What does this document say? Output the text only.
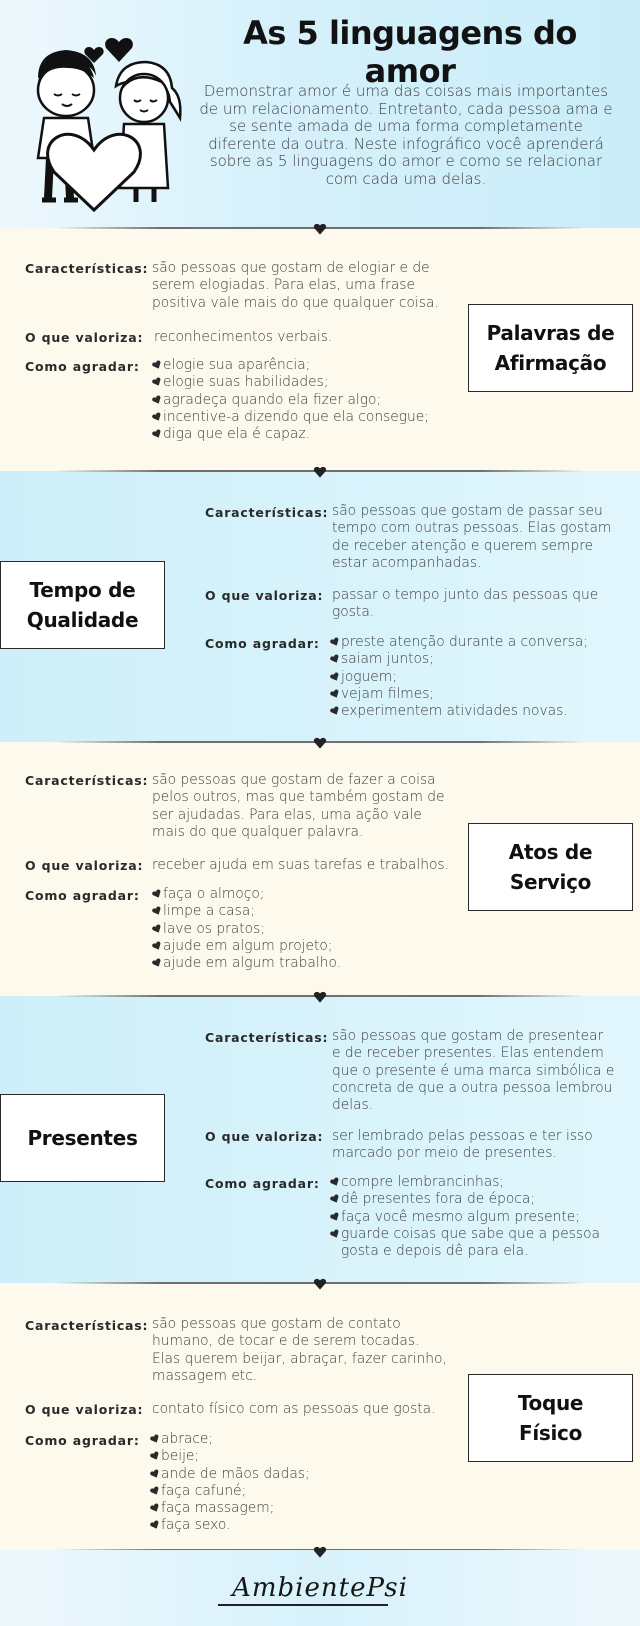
As 5 linguagens do amor
Demonstrar amor é uma das coisas mais importantes de um relacionamento. Entretanto, cada pessoa ama e se sente amada de uma forma completamente diferente da outra. Neste infográfico você aprenderá sobre as 5 linguagens do amor e como se relacionar com cada uma delas.
Características: são pessoas que gostam de elogiar e de serem elogiadas. Para elas, uma frase positiva vale mais do que qualquer coisa.
O que valoriza: reconhecimentos verbais.
Como agradar:	elogie sua aparência;
elogie suas habilidades;
agradeça quando ela fizer algo;
incentive-a dizendo que ela consegue;
diga que ela é capaz.
Palavras de Afirmação
Características: são pessoas que gostam de passar seu tempo com outras pessoas. Elas gostam de receber atenção e querem sempre estar acompanhadas.
O que valoriza: passar o tempo junto das pessoas que gosta.
Como agradar:	preste atenção durante a conversa;
saiam juntos;
joguem;
vejam filmes;
experimentem atividades novas.
Tempo de Qualidade
Características: são pessoas que gostam de fazer a coisa pelos outros, mas que também gostam de ser ajudadas. Para elas, uma ação vale mais do que qualquer palavra.
O que valoriza: receber ajuda em suas tarefas e trabalhos.
Como agradar:	faça o almoço;
limpe a casa;
lave os pratos;
ajude em algum projeto;
ajude em algum trabalho.
Atos de Serviço
Características: são pessoas que gostam de presentear e de receber presentes. Elas entendem que o presente é uma marca simbólica e concreta de que a outra pessoa lembrou delas.
O que valoriza: ser lembrado pelas pessoas e ter isso marcado por meio de presentes.
Como agradar:	compre lembrancinhas;
dê presentes fora de época;
faça você mesmo algum presente;
guarde coisas que sabe que a pessoa gosta e depois dê para ela.
Presentes
Características: são pessoas que gostam de contato humano, de tocar e de serem tocadas. Elas querem beijar, abraçar, fazer carinho, massagem etc.
O que valoriza: contato físico com as pessoas que gosta.
Como agradar:	abrace;
beije;
ande de mãos dadas;
faça cafuné;
faça massagem;
faça sexo.
Toque Físico
AmbientePsi
